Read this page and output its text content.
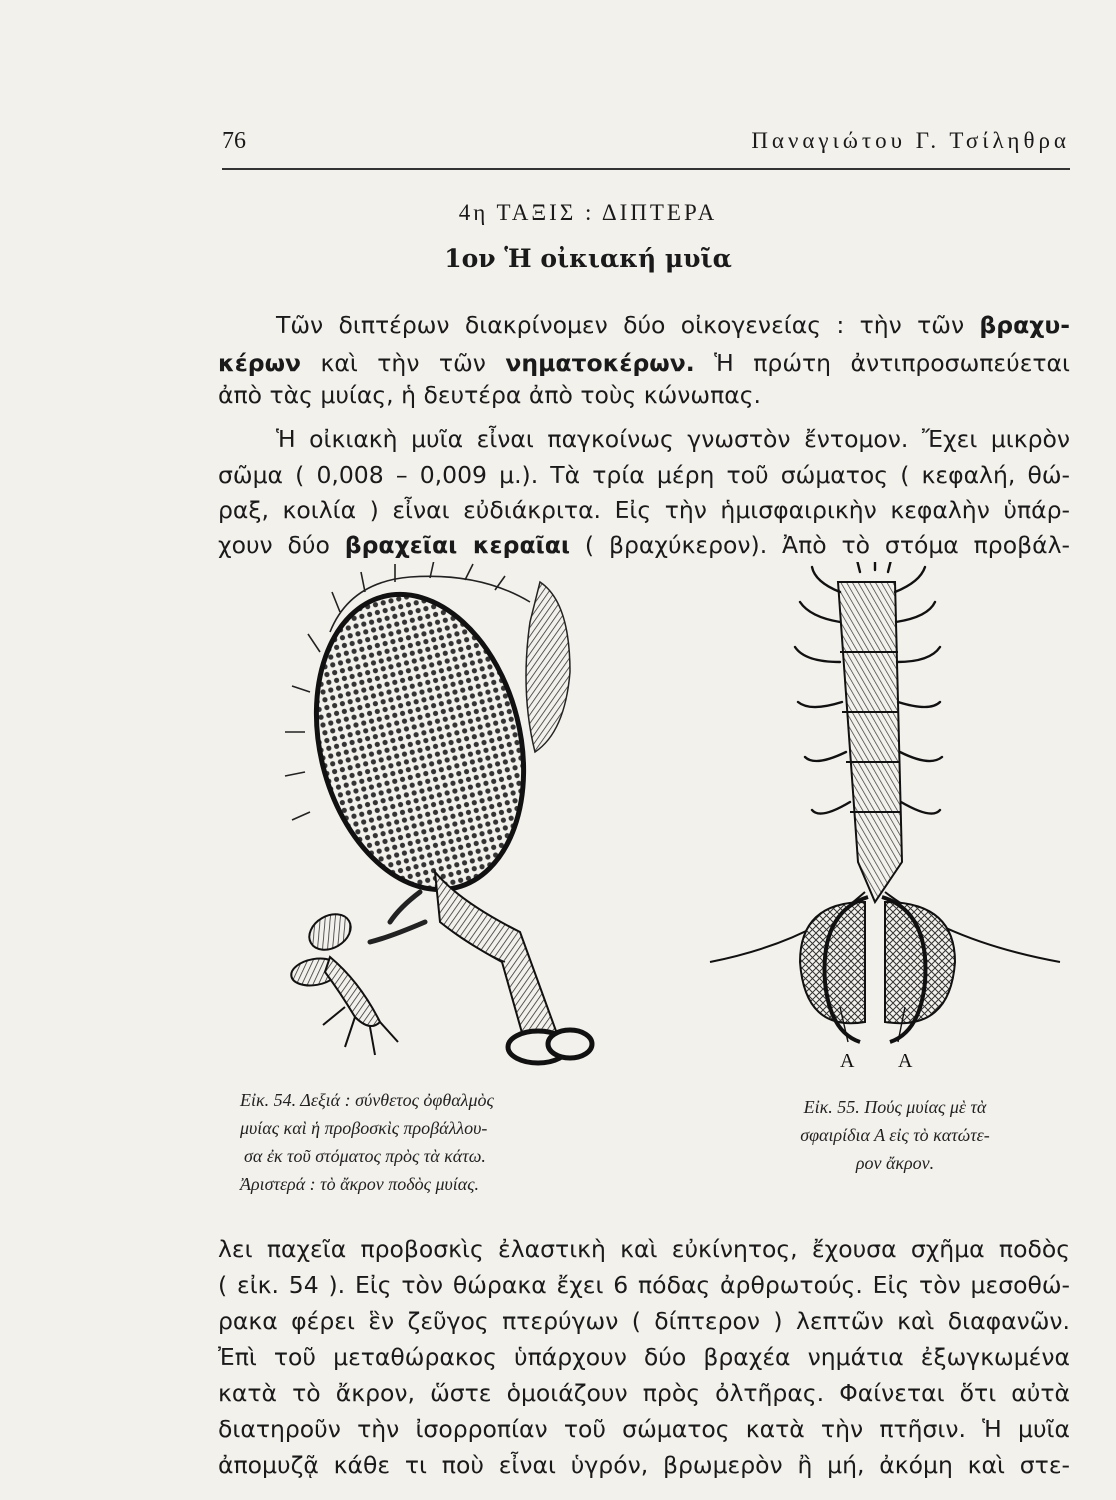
76	Παναγιώτου Γ. Τσίληθρα
4η ΤΑΞΙΣ : ΔΙΠΤΕΡΑ
1ον Ἡ οἰκιακή μυῖα
Τῶν διπτέρων διακρίνομεν δύο οἰκογενείας : τὴν τῶν βραχυ-
κέρων καὶ τὴν τῶν νηματοκέρων. Ἡ πρώτη ἀντιπροσωπεύεται
ἀπὸ τὰς μυίας, ἡ δευτέρα ἀπὸ τοὺς κώνωπας.
Ἡ οἰκιακὴ μυῖα εἶναι παγκοίνως γνωστὸν ἔντομον. Ἔχει μικρὸν
σῶμα ( 0,008 – 0,009 μ.). Τὰ τρία μέρη τοῦ σώματος ( κεφαλή, θώ-
ραξ, κοιλία ) εἶναι εὐδιάκριτα. Εἰς τὴν ἡμισφαιρικὴν κεφαλὴν ὑπάρ-
χουν δύο βραχεῖαι κεραῖαι ( βραχύκερον). Ἀπὸ τὸ στόμα προβάλ-
Α Α
Εἰκ. 54. Δεξιά : σύνθετος ὀφθαλμὸς
μυίας καὶ ἡ προβοσκὶς προβάλλου-
σα ἐκ τοῦ στόματος πρὸς τὰ κάτω.
Ἀριστερά : τὸ ἄκρον ποδὸς μυίας.
Εἰκ. 55. Πούς μυίας μὲ τὰ
σφαιρίδια Α εἰς τὸ κατώτε-
ρον ἄκρον.
λει παχεῖα προβοσκὶς ἐλαστικὴ καὶ εὐκίνητος, ἔχουσα σχῆμα ποδὸς
( εἰκ. 54 ). Εἰς τὸν θώρακα ἔχει 6 πόδας ἀρθρωτούς. Εἰς τὸν μεσοθώ-
ρακα φέρει ἓν ζεῦγος πτερύγων ( δίπτερον ) λεπτῶν καὶ διαφανῶν.
Ἐπὶ τοῦ μεταθώρακος ὑπάρχουν δύο βραχέα νημάτια ἐξωγκωμένα
κατὰ τὸ ἄκρον, ὥστε ὁμοιάζουν πρὸς ὀλτῆρας. Φαίνεται ὅτι αὐτὰ
διατηροῦν τὴν ἰσορροπίαν τοῦ σώματος κατὰ τὴν πτῆσιν. Ἡ μυῖα
ἀπομυζᾷ κάθε τι ποὺ εἶναι ὑγρόν, βρωμερὸν ἢ μή, ἀκόμη καὶ στε-
